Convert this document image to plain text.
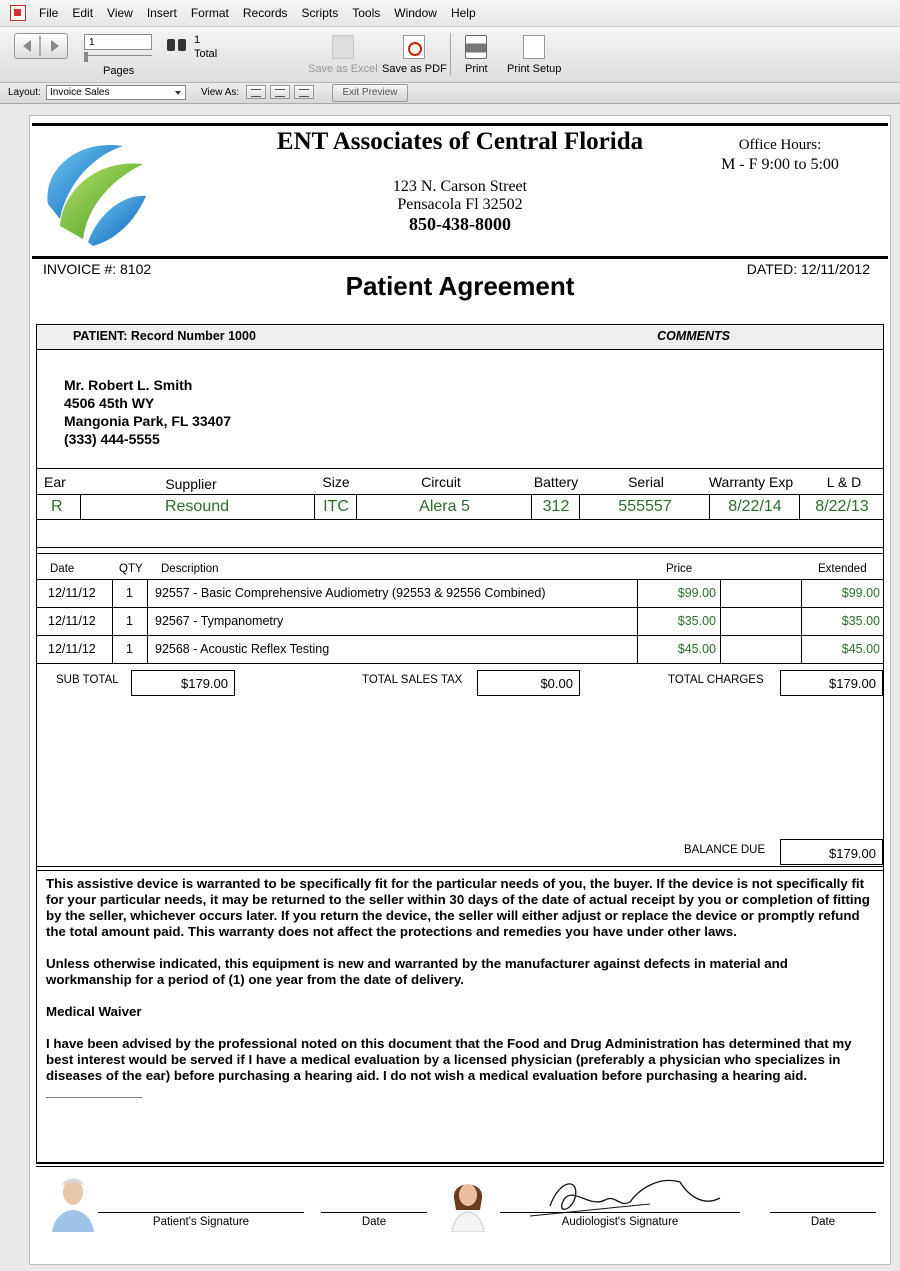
File	Edit	View	Insert	Format	Records	Scripts	Tools	Window	Help
1
Pages
1
Total
Save as Excel Save as PDF Print Print Setup
Layout: Invoice Sales	View As:	Exit Preview
ENT Associates of Central Florida
123 N. Carson Street
Pensacola Fl 32502
850-438-8000
Office Hours:
M - F 9:00 to 5:00
INVOICE #: 8102	DATED: 12/11/2012
Patient Agreement
PATIENT: Record Number 1000	COMMENTS
Mr. Robert L. Smith
4506 45th WY
Mangonia Park, FL 33407
(333) 444-5555
Ear	Supplier	Size	Circuit	Battery	Serial	Warranty Exp	L & D
R	Resound	ITC	Alera 5	312	555557	8/22/14	8/22/13
Date	QTY Description	Price	Extended
12/11/12 1 92557 - Basic Comprehensive Audiometry (92553 & 92556 Combined)	$99.00	$99.00
12/11/12 1 92567 - Tympanometry	$35.00	$35.00
12/11/12 1 92568 - Acoustic Reflex Testing	$45.00	$45.00
SUB TOTAL	$179.00	TOTAL SALES TAX	$0.00	TOTAL CHARGES	$179.00
BALANCE DUE	$179.00

This assistive device is warranted to be specifically fit for the particular needs of you, the buyer. If the device is not specifically fit for your particular needs, it may be returned to the seller within 30 days of the date of actual receipt by you or completion of fitting by the seller, whichever occurs later. If you return the device, the seller will either adjust or replace the device or promptly refund the total amount paid. This warranty does not affect the protections and remedies you have under other laws.

Unless otherwise indicated, this equipment is new and warranted by the manufacturer against defects in material and workmanship for a period of (1) one year from the date of delivery.

Medical Waiver

I have been advised by the professional noted on this document that the Food and Drug Administration has determined that my best interest would be served if I have a medical evaluation by a licensed physician (preferably a physician who specializes in diseases of the ear) before purchasing a hearing aid. I do not wish a medical evaluation before purchasing a hearing aid. _____________

Patient's Signature	Date	Audiologist's Signature	Date
